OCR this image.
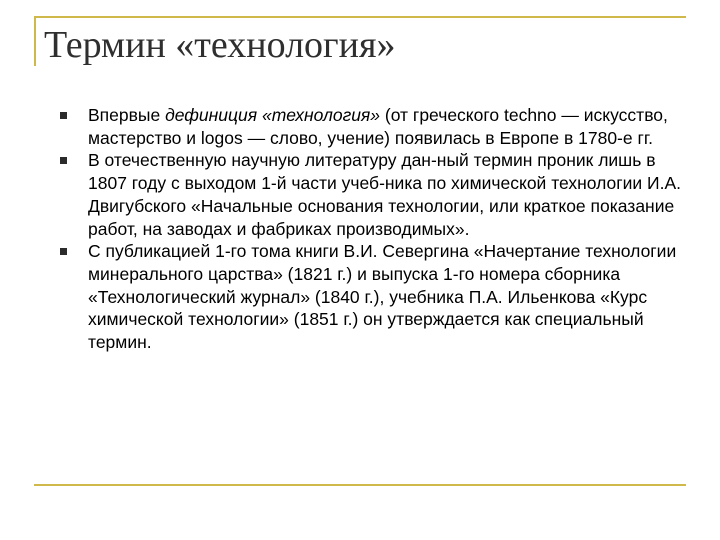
Термин «технология»
Впервые дефиниция «технология» (от греческого techno — искусство, мастерство и logos — слово, учение) появилась в Европе в 1780-е гг.
В отечественную научную литературу дан-ный термин проник лишь в 1807 году с выходом 1-й части учеб-ника по химической технологии И.А. Двигубского «Начальные основания технологии, или краткое показание работ, на заводах и фабриках производимых».
С публикацией 1-го тома книги В.И. Севергина «Начертание технологии минерального царства» (1821 г.) и выпуска 1-го номера сборника «Технологический журнал» (1840 г.), учебника П.А. Ильенкова «Курс химической технологии» (1851 г.) он утверждается как специальный термин.
